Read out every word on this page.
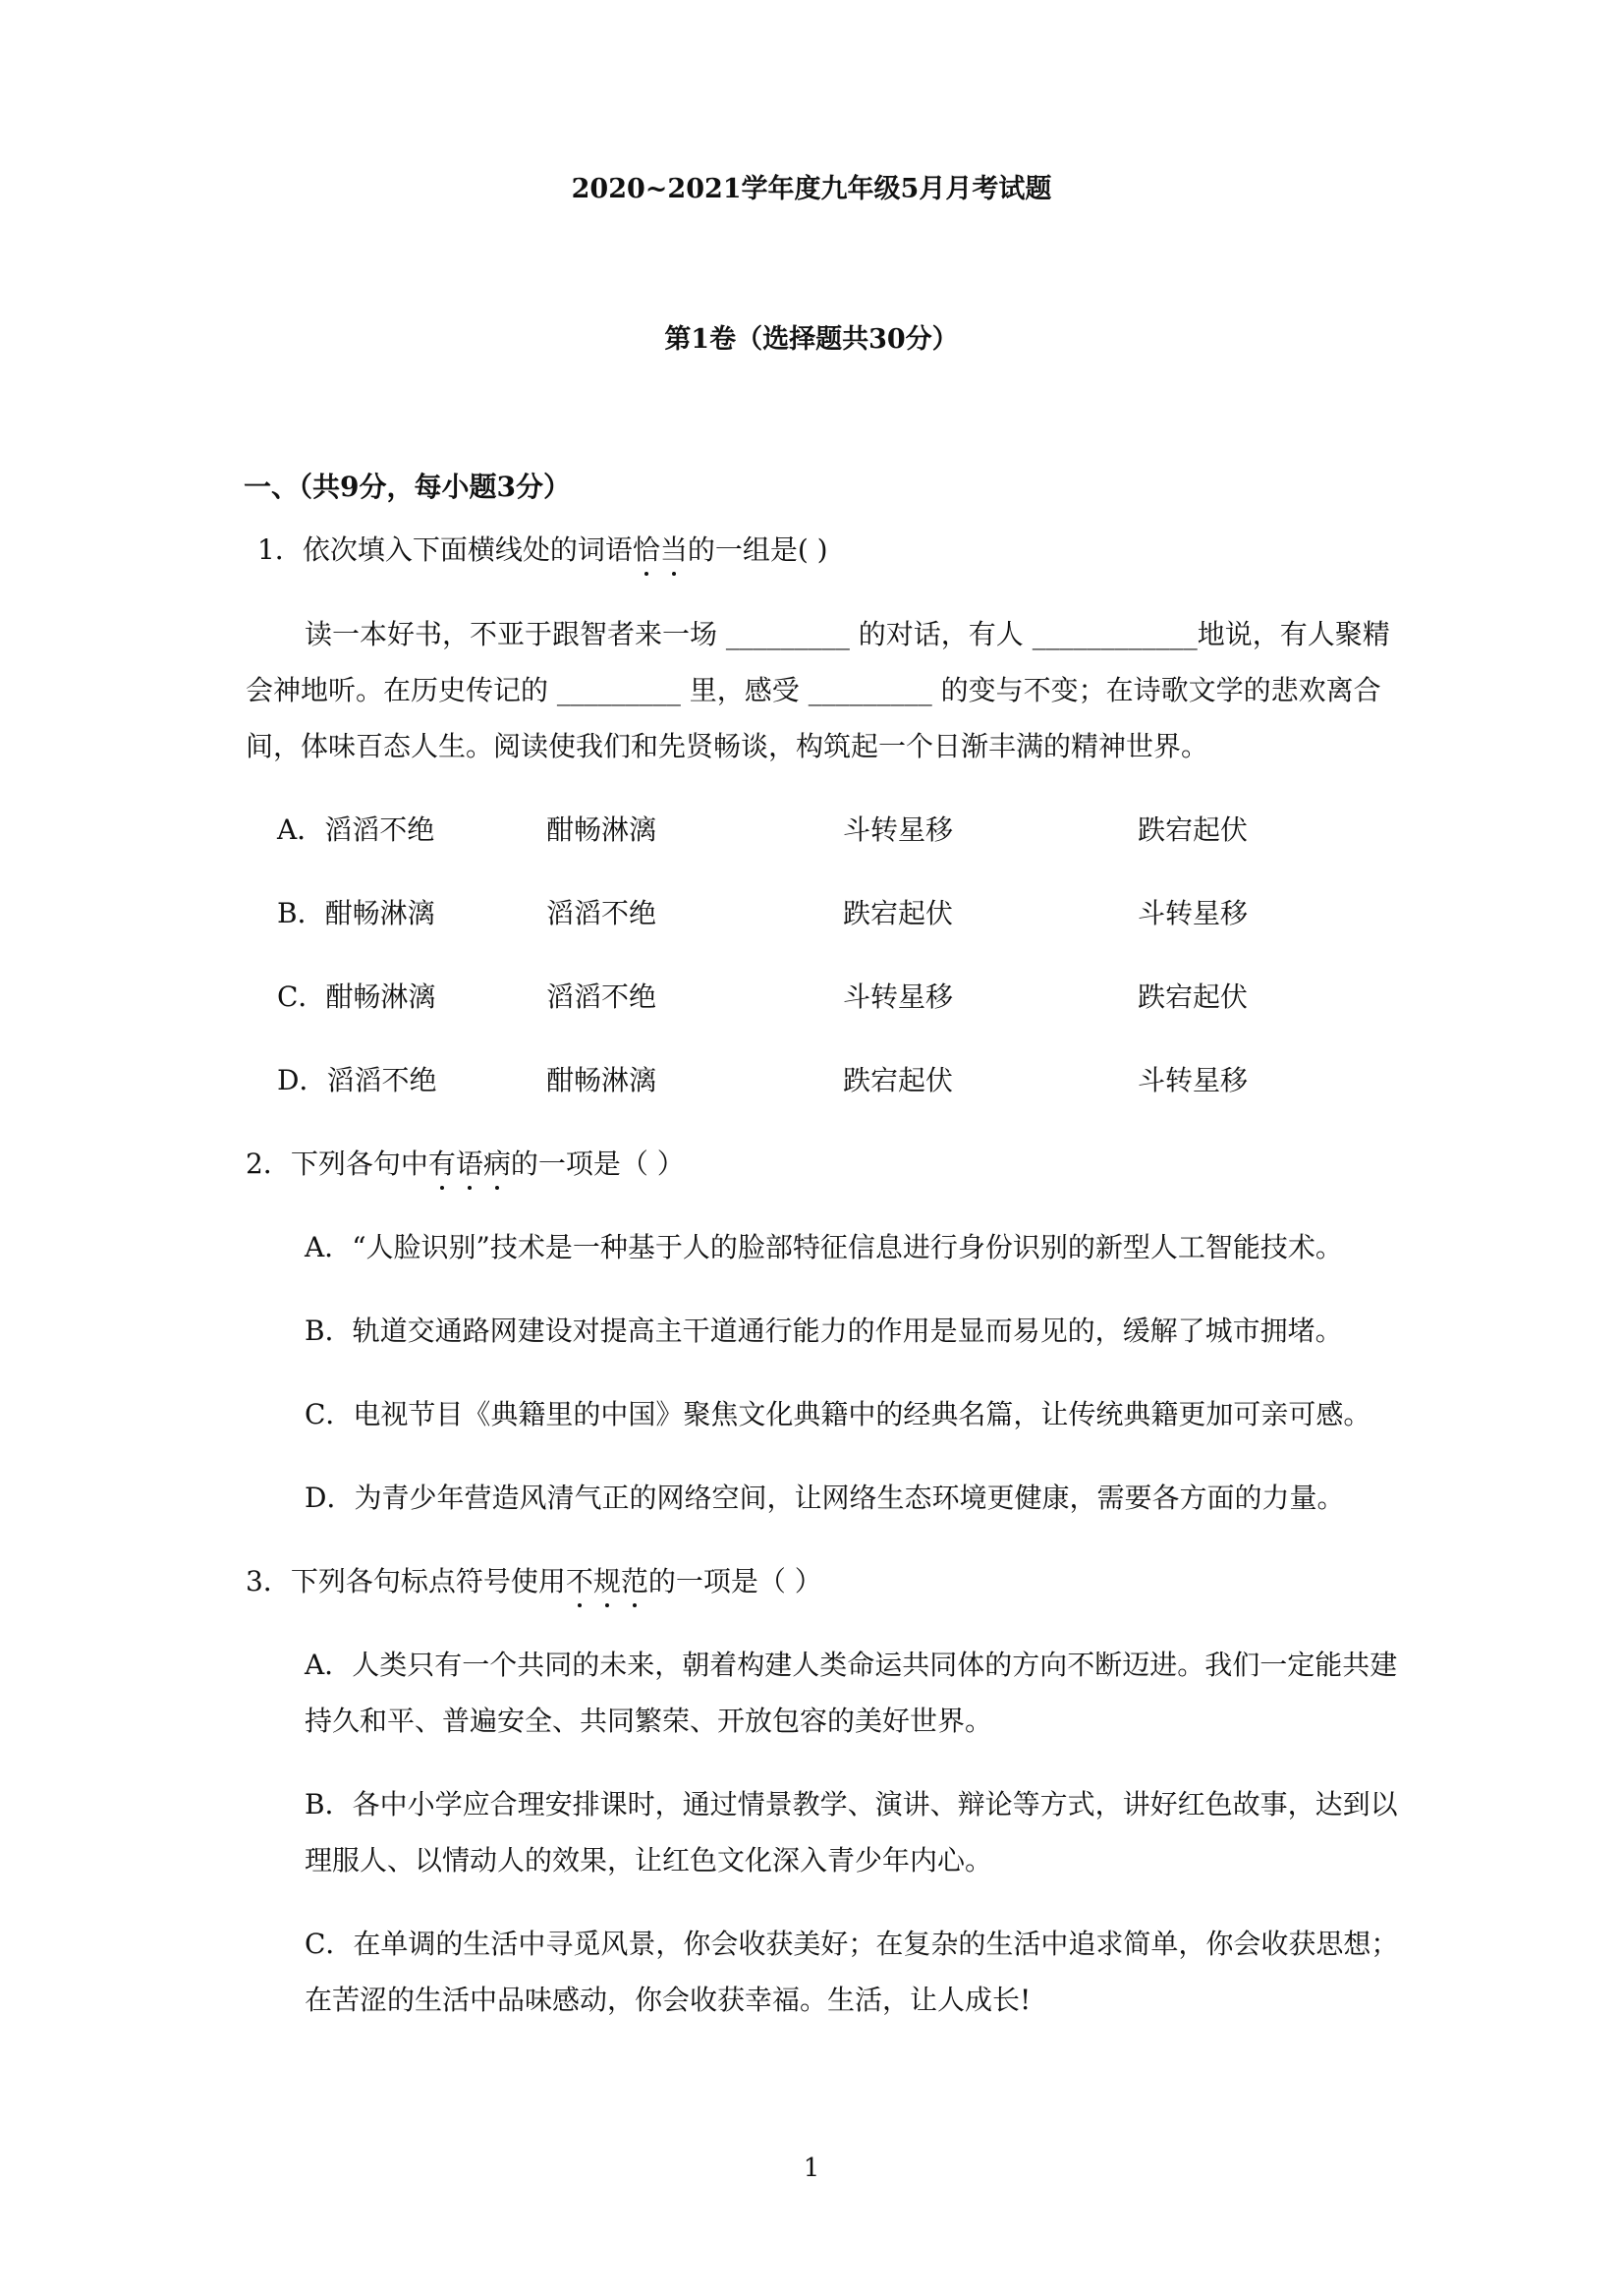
2020~2021学年度九年级5月月考试题
第1卷（选择题共30分）
一、（共9分，每小题3分）
1．依次填入下面横线处的词语恰当的一组是( )
读一本好书，不亚于跟智者来一场 _________ 的对话，有人 ____________地说，有人聚精
会神地听。在历史传记的 _________ 里，感受 _________ 的变与不变；在诗歌文学的悲欢离合
间，体味百态人生。阅读使我们和先贤畅谈，构筑起一个日渐丰满的精神世界。
A．滔滔不绝	酣畅淋漓	斗转星移	跌宕起伏
B．酣畅淋漓	滔滔不绝	跌宕起伏	斗转星移
C．酣畅淋漓	滔滔不绝	斗转星移	跌宕起伏
D．滔滔不绝	酣畅淋漓	跌宕起伏	斗转星移
2．下列各句中有语病的一项是（ ）
A．“人脸识别”技术是一种基于人的脸部特征信息进行身份识别的新型人工智能技术。
B．轨道交通路网建设对提高主干道通行能力的作用是显而易见的，缓解了城市拥堵。
C．电视节目《典籍里的中国》聚焦文化典籍中的经典名篇，让传统典籍更加可亲可感。
D．为青少年营造风清气正的网络空间，让网络生态环境更健康，需要各方面的力量。
3．下列各句标点符号使用不规范的一项是（ ）
A．人类只有一个共同的未来，朝着构建人类命运共同体的方向不断迈进。我们一定能共建
持久和平、普遍安全、共同繁荣、开放包容的美好世界。
B．各中小学应合理安排课时，通过情景教学、演讲、辩论等方式，讲好红色故事，达到以
理服人、以情动人的效果，让红色文化深入青少年内心。
C．在单调的生活中寻觅风景，你会收获美好；在复杂的生活中追求简单，你会收获思想；
在苦涩的生活中品味感动，你会收获幸福。生活，让人成长!
1
